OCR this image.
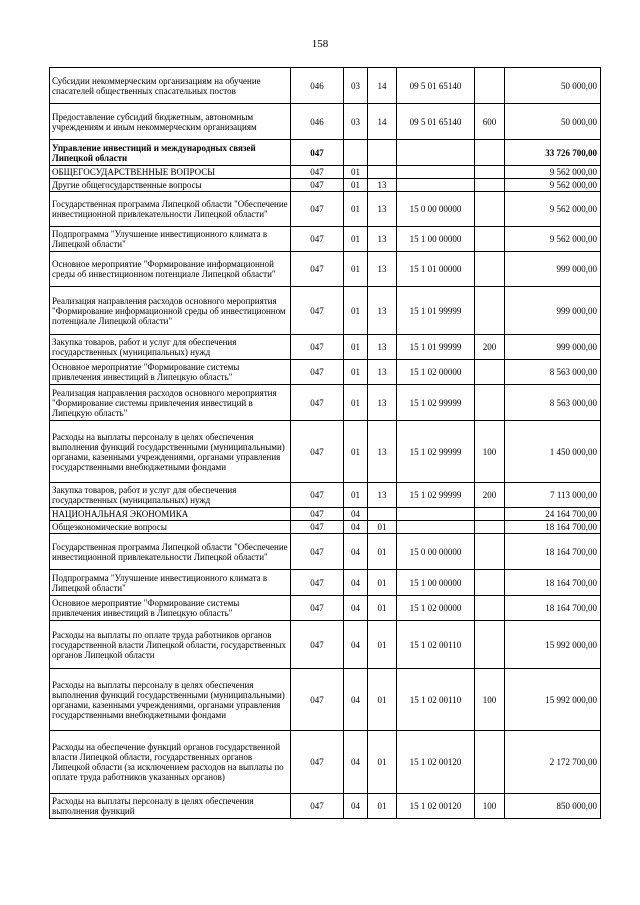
158
Субсидии некоммерческим организациям на обучение спасателей общественных спасательных постов	046	03	14	09 5 01 65140		50 000,00
Предоставление субсидий бюджетным, автономным учреждениям и иным некоммерческим организациям	046	03	14	09 5 01 65140	600	50 000,00
Управление инвестиций и международных связей Липецкой области	047					33 726 700,00
ОБЩЕГОСУДАРСТВЕННЫЕ ВОПРОСЫ	047	01				9 562 000,00
Другие общегосударственные вопросы	047	01	13			9 562 000,00
Государственная программа Липецкой области "Обеспечение инвестиционной привлекательности Липецкой области"	047	01	13	15 0 00 00000		9 562 000,00
Подпрограмма "Улучшение инвестиционного климата в Липецкой области"	047	01	13	15 1 00 00000		9 562 000,00
Основное мероприятие "Формирование информационной среды об инвестиционном потенциале Липецкой области"	047	01	13	15 1 01 00000		999 000,00
Реализация направления расходов основного мероприятия "Формирование информационной среды об инвестиционном потенциале Липецкой области"	047	01	13	15 1 01 99999		999 000,00
Закупка товаров, работ и услуг для обеспечения государственных (муниципальных) нужд	047	01	13	15 1 01 99999	200	999 000,00
Основное мероприятие "Формирование системы привлечения инвестиций в Липецкую область"	047	01	13	15 1 02 00000		8 563 000,00
Реализация направления расходов основного мероприятия "Формирование системы привлечения инвестиций в Липецкую область"	047	01	13	15 1 02 99999		8 563 000,00
Расходы на выплаты персоналу в целях обеспечения выполнения функций государственными (муниципальными) органами, казенными учреждениями, органами управления государственными внебюджетными фондами	047	01	13	15 1 02 99999	100	1 450 000,00
Закупка товаров, работ и услуг для обеспечения государственных (муниципальных) нужд	047	01	13	15 1 02 99999	200	7 113 000,00
НАЦИОНАЛЬНАЯ ЭКОНОМИКА	047	04				24 164 700,00
Общеэкономические вопросы	047	04	01			18 164 700,00
Государственная программа Липецкой области "Обеспечение инвестиционной привлекательности Липецкой области"	047	04	01	15 0 00 00000		18 164 700,00
Подпрограмма "Улучшение инвестиционного климата в Липецкой области"	047	04	01	15 1 00 00000		18 164 700,00
Основное мероприятие "Формирование системы привлечения инвестиций в Липецкую область"	047	04	01	15 1 02 00000		18 164 700,00
Расходы на выплаты по оплате труда работников органов государственной власти Липецкой области, государственных органов Липецкой области	047	04	01	15 1 02 00110		15 992 000,00
Расходы на выплаты персоналу в целях обеспечения выполнения функций государственными (муниципальными) органами, казенными учреждениями, органами управления государственными внебюджетными фондами	047	04	01	15 1 02 00110	100	15 992 000,00
Расходы на обеспечение функций органов государственной власти Липецкой области, государственных органов Липецкой области (за исключением расходов на выплаты по оплате труда работников указанных органов)	047	04	01	15 1 02 00120		2 172 700,00
Расходы на выплаты персоналу в целях обеспечения выполнения функций	047	04	01	15 1 02 00120	100	850 000,00
